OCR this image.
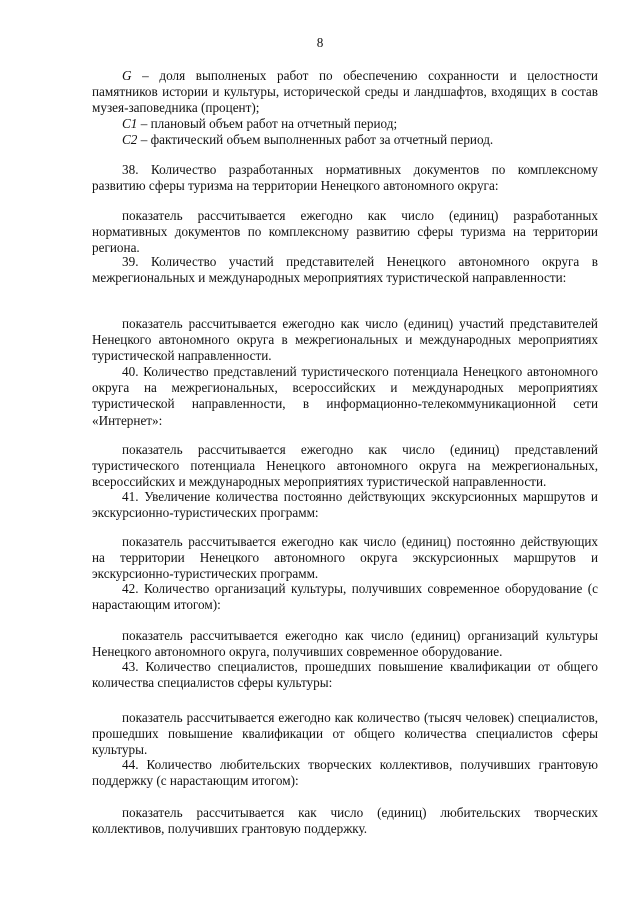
8
G – доля выполненых работ по обеспечению сохранности и целостности памятников истории и культуры, исторической среды и ландшафтов, входящих в состав музея-заповедника (процент);
C1 – плановый объем работ на отчетный период;
C2 – фактический объем выполненных работ за отчетный период.
38. Количество разработанных нормативных документов по комплексному развитию сферы туризма на территории Ненецкого автономного округа:
показатель рассчитывается ежегодно как число (единиц) разработанных нормативных документов по комплексному развитию сферы туризма на территории региона.
39. Количество участий представителей Ненецкого автономного округа в межрегиональных и международных мероприятиях туристической направленности:
показатель рассчитывается ежегодно как число (единиц) участий представителей Ненецкого автономного округа в межрегиональных и международных мероприятиях туристической направленности.
40. Количество представлений туристического потенциала Ненецкого автономного округа на межрегиональных, всероссийских и международных мероприятиях туристической направленности, в информационно-телекоммуникационной сети «Интернет»:
показатель рассчитывается ежегодно как число (единиц) представлений туристического потенциала Ненецкого автономного округа на межрегиональных, всероссийских и международных мероприятиях туристической направленности.
41. Увеличение количества постоянно действующих экскурсионных маршрутов и экскурсионно-туристических программ:
показатель рассчитывается ежегодно как число (единиц) постоянно действующих на территории Ненецкого автономного округа экскурсионных маршрутов и экскурсионно-туристических программ.
42. Количество организаций культуры, получивших современное оборудование (с нарастающим итогом):
показатель рассчитывается ежегодно как число (единиц) организаций культуры Ненецкого автономного округа, получивших современное оборудование.
43. Количество специалистов, прошедших повышение квалификации от общего количества специалистов сферы культуры:
показатель рассчитывается ежегодно как количество (тысяч человек) специалистов, прошедших повышение квалификации от общего количества специалистов сферы культуры.
44. Количество любительских творческих коллективов, получивших грантовую поддержку (с нарастающим итогом):
показатель рассчитывается как число (единиц) любительских творческих коллективов, получивших грантовую поддержку.
